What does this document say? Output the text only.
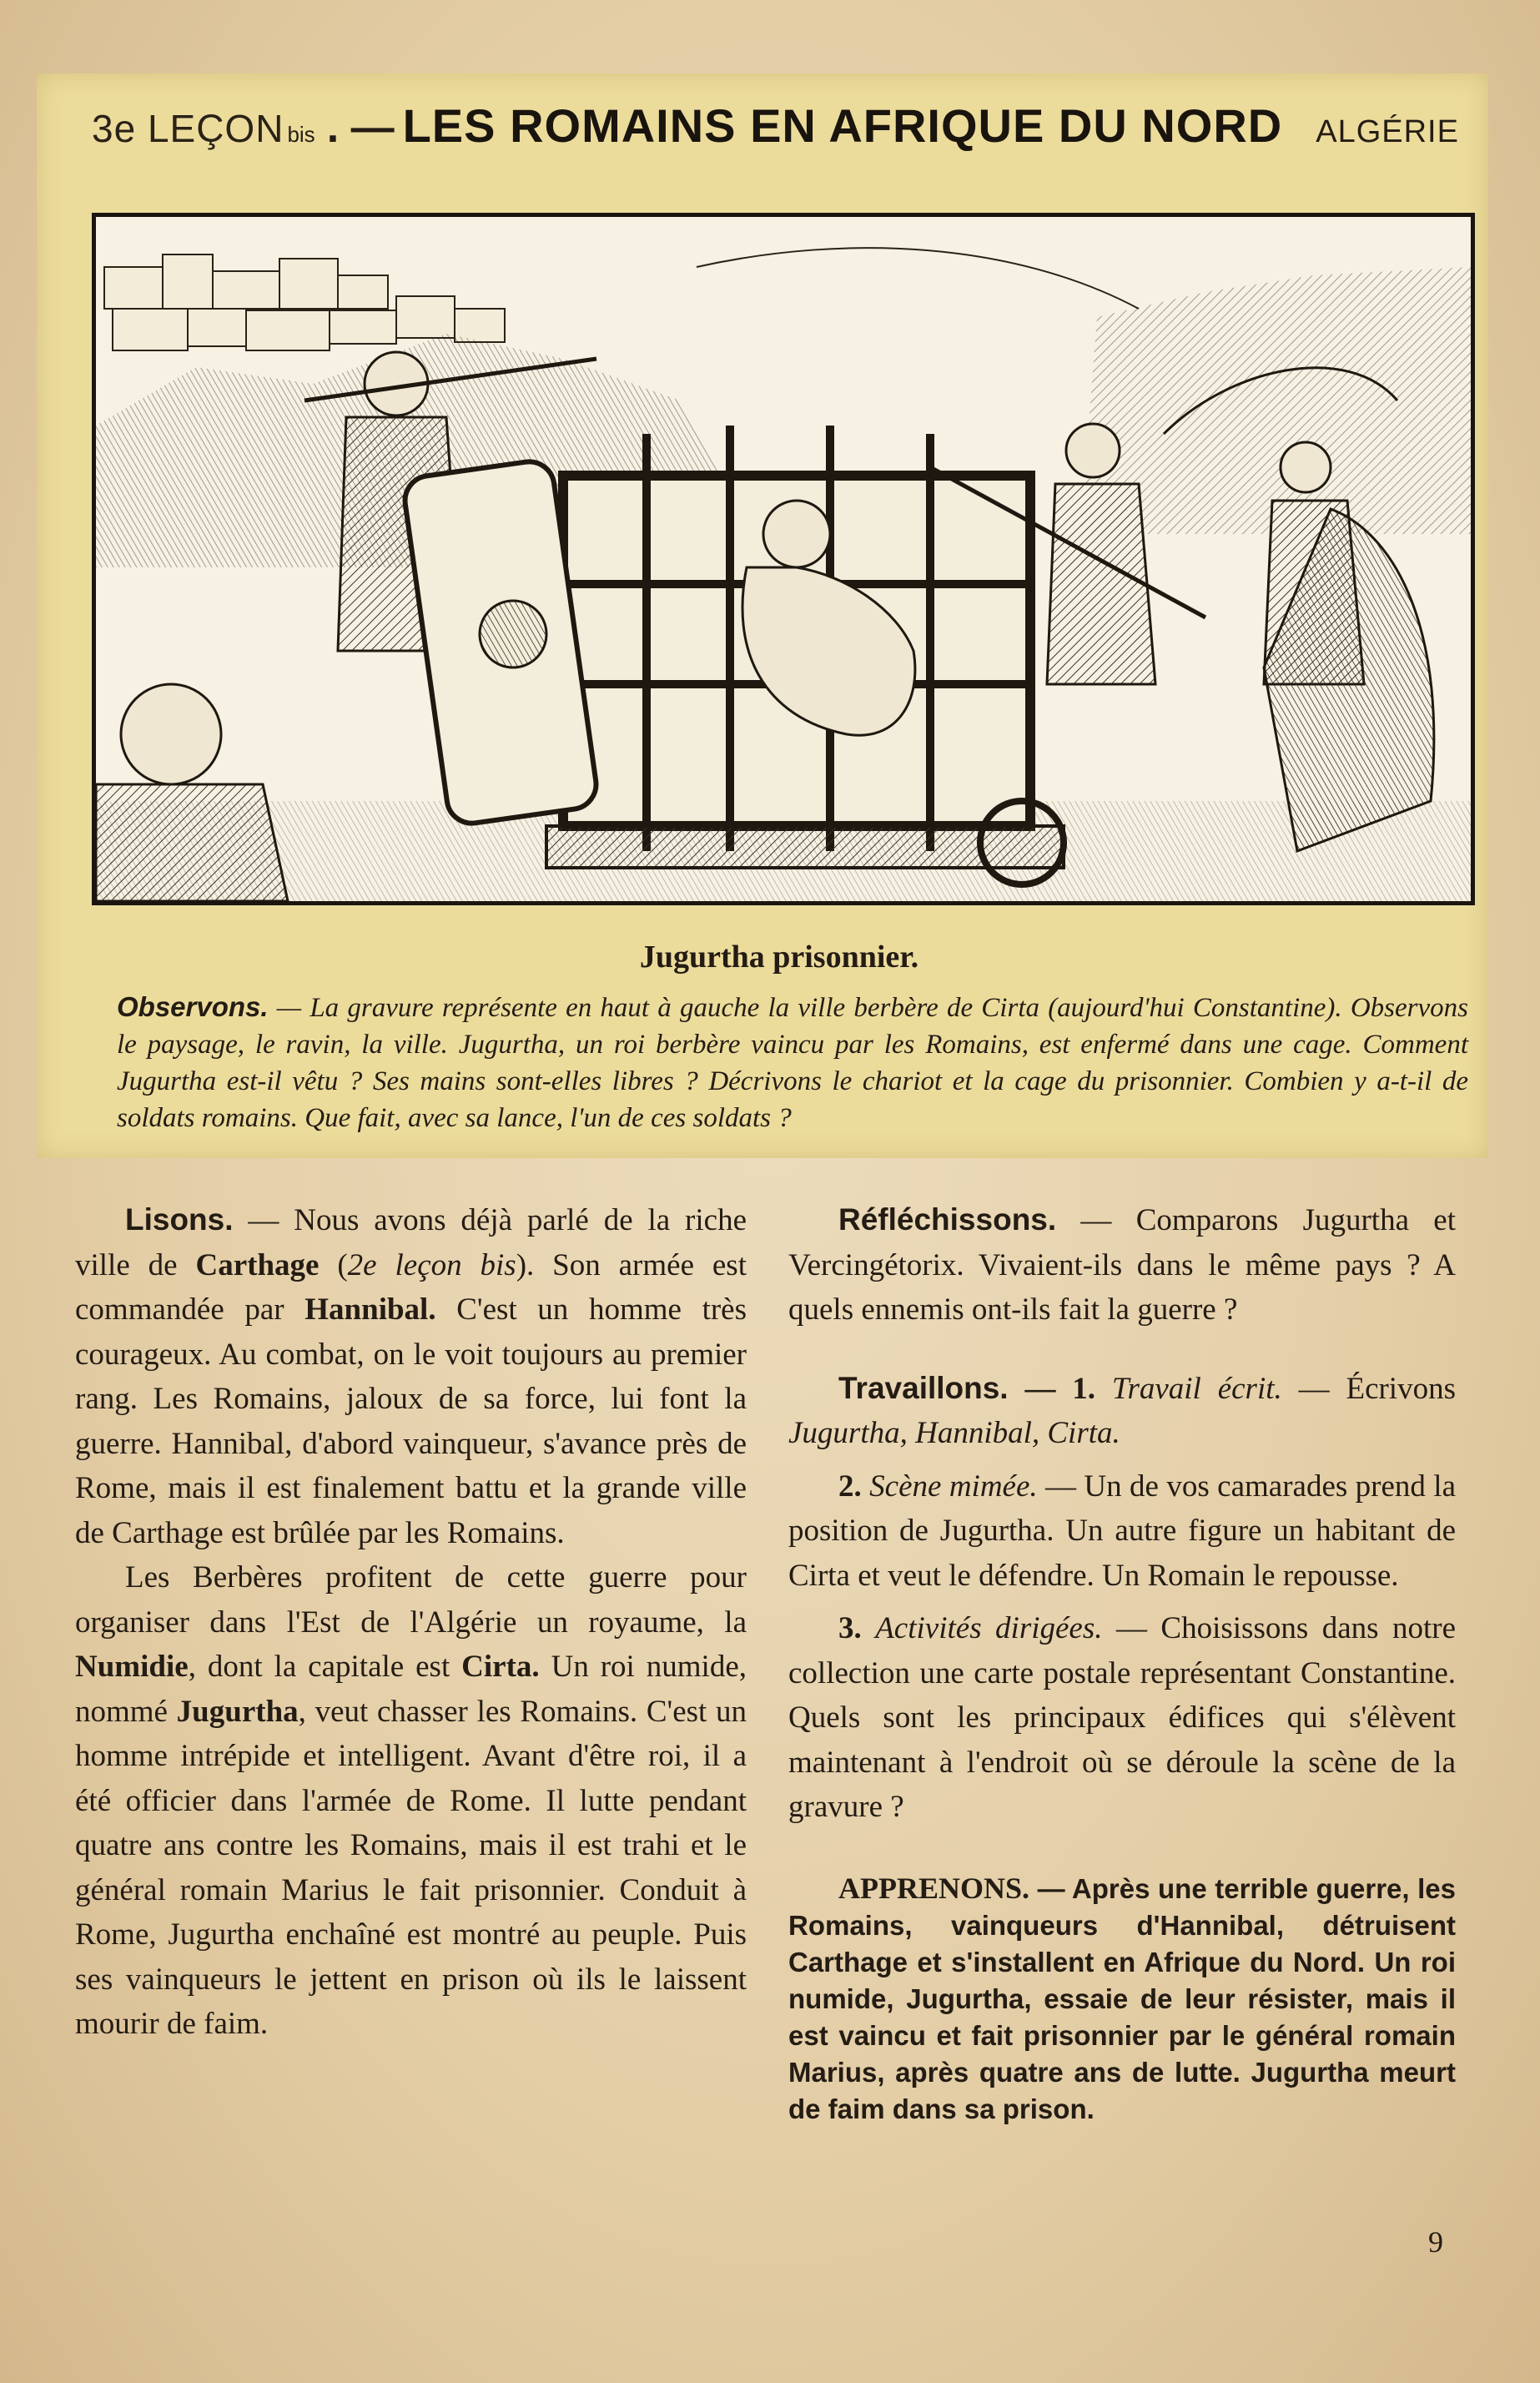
3e LEÇON bis . — LES ROMAINS EN AFRIQUE DU NORD ALGÉRIE
Jugurtha prisonnier.
Observons. — La gravure représente en haut à gauche la ville berbère de Cirta (aujourd'hui Constantine). Observons le paysage, le ravin, la ville. Jugurtha, un roi berbère vaincu par les Romains, est enfermé dans une cage. Comment Jugurtha est-il vêtu ? Ses mains sont-elles libres ? Décrivons le chariot et la cage du prisonnier. Combien y a-t-il de soldats romains. Que fait, avec sa lance, l'un de ces soldats ?

Lisons. — Nous avons déjà parlé de la riche ville de Carthage (2e leçon bis). Son armée est commandée par Hannibal. C'est un homme très courageux. Au combat, on le voit toujours au premier rang. Les Romains, jaloux de sa force, lui font la guerre. Hannibal, d'abord vainqueur, s'avance près de Rome, mais il est finalement battu et la grande ville de Carthage est brûlée par les Romains.

Les Berbères profitent de cette guerre pour organiser dans l'Est de l'Algérie un royaume, la Numidie, dont la capitale est Cirta. Un roi numide, nommé Jugurtha, veut chasser les Romains. C'est un homme intrépide et intelligent. Avant d'être roi, il a été officier dans l'armée de Rome. Il lutte pendant quatre ans contre les Romains, mais il est trahi et le général romain Marius le fait prisonnier. Conduit à Rome, Jugurtha enchaîné est montré au peuple. Puis ses vainqueurs le jettent en prison où ils le laissent mourir de faim.

Réfléchissons. — Comparons Jugurtha et Vercingétorix. Vivaient-ils dans le même pays ? A quels ennemis ont-ils fait la guerre ?

Travaillons. — 1. Travail écrit. — Écrivons Jugurtha, Hannibal, Cirta.

2. Scène mimée. — Un de vos camarades prend la position de Jugurtha. Un autre figure un habitant de Cirta et veut le défendre. Un Romain le repousse.

3. Activités dirigées. — Choisissons dans notre collection une carte postale représentant Constantine. Quels sont les principaux édifices qui s'élèvent maintenant à l'endroit où se déroule la scène de la gravure ?

APPRENONS. — Après une terrible guerre, les Romains, vainqueurs d'Hannibal, détruisent Carthage et s'installent en Afrique du Nord. Un roi numide, Jugurtha, essaie de leur résister, mais il est vaincu et fait prisonnier par le général romain Marius, après quatre ans de lutte. Jugurtha meurt de faim dans sa prison.

9
